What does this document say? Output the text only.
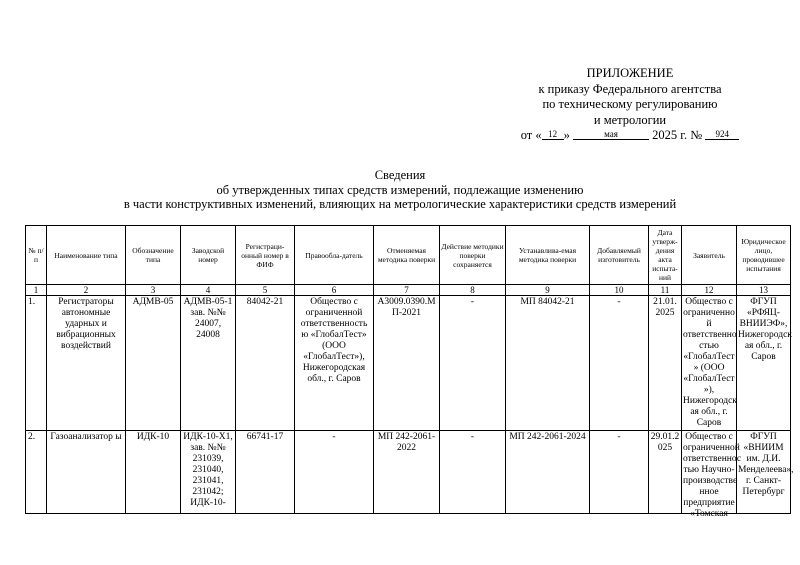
ПРИЛОЖЕНИЕ
к приказу Федерального агентства
по техническому регулированию
и метрологии
от « 12 »	мая	2025 г. № 924
Сведения
об утвержденных типах средств измерений, подлежащие изменению
в части конструктивных изменений, влияющих на метрологические характеристики средств измерений
№ п/п	Наименование типа	Обозначение типа	Заводской номер	Регистраци-онный номер в ФИФ	Правообла-датель	Отменяемая методика поверки	Действие методики поверки сохраняется	Устанавлива-емая методика поверки	Добавляемый изготовитель	Дата утверж-дения акта испыта-ний	Заявитель	Юридическое лицо, проводившее испытания
1	2	3	4	5	6	7	8	9	10	11	12	13
1.	Регистраторы автономные ударных и вибрационных воздействий	АДМВ-05	АДМВ-05-1 зав. №№ 24007, 24008	84042-21	Общество с ограниченной ответственность ю «ГлобалТест» (ООО «ГлобалТест»), Нижегородская обл., г. Саров	А3009.0390.М П-2021	-	МП 84042-21	-	21.01. 2025	Общество с ограниченно й ответственно стью «ГлобалТест » (ООО «ГлобалТест »), Нижегородск ая обл., г. Саров	ФГУП «РФЯЦ-ВНИИЭФ», Нижегородск ая обл., г. Саров
2.	Газоанализатор ы	ИДК-10	ИДК-10-Х1, зав. №№ 231039, 231040, 231041, 231042; ИДК-10-	66741-17	-	МП 242-2061-2022	-	МП 242-2061-2024	-	29.01.2 025	Общество с ограниченной ответственнос тью Научно-производстве нное предприятие «Томская	ФГУП «ВНИИМ им. Д.И. Менделеева», г. Санкт-Петербург
